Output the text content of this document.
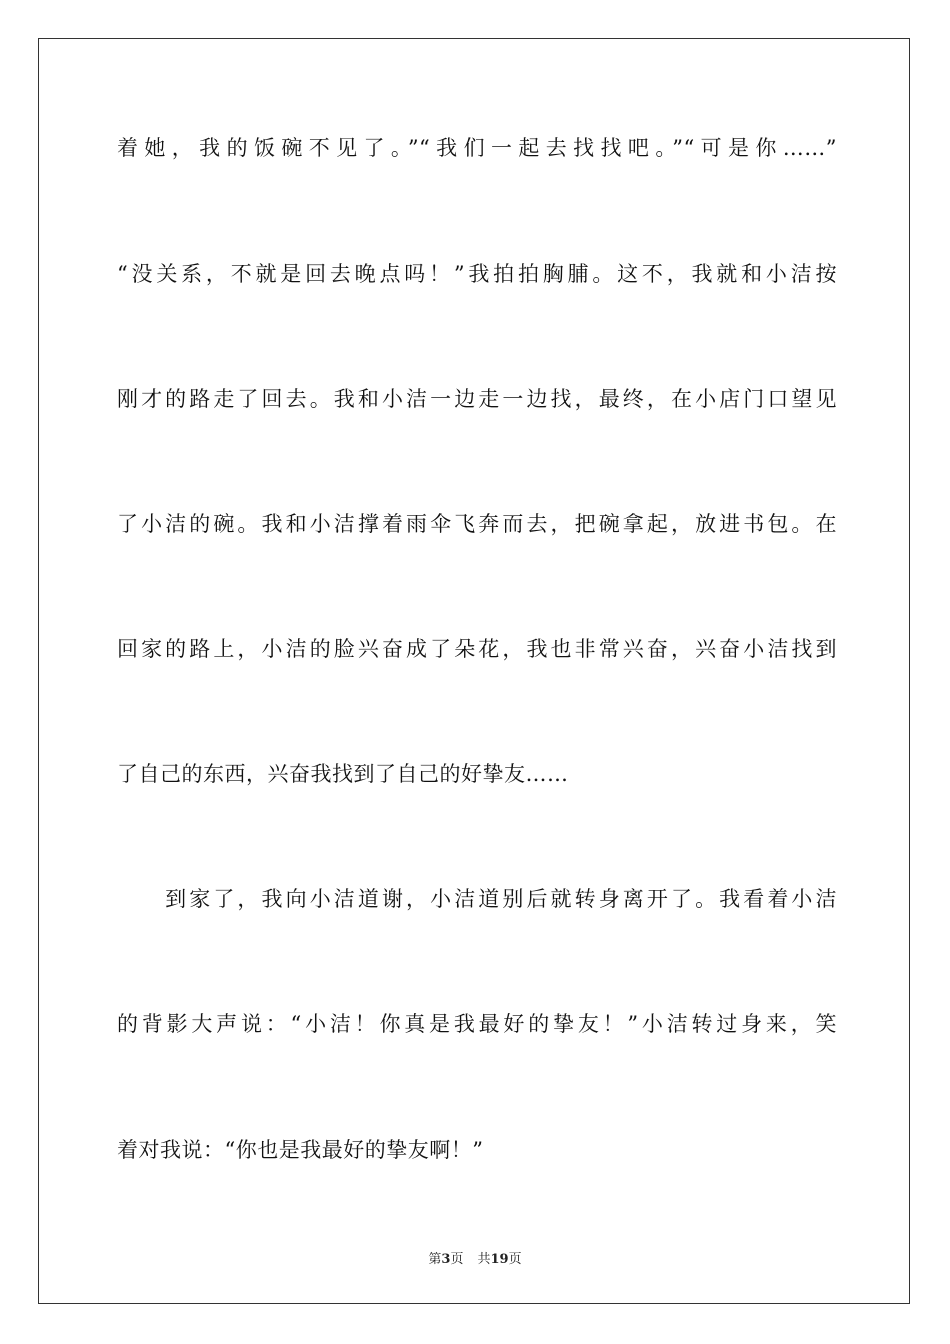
着她，我的饭碗不见了。”“我们一起去找找吧。”“可是你……”
“没关系，不就是回去晚点吗！”我拍拍胸脯。这不，我就和小洁按
刚才的路走了回去。我和小洁一边走一边找，最终，在小店门口望见
了小洁的碗。我和小洁撑着雨伞飞奔而去，把碗拿起，放进书包。在
回家的路上，小洁的脸兴奋成了朵花，我也非常兴奋，兴奋小洁找到
了自己的东西，兴奋我找到了自己的好挚友……
　　到家了，我向小洁道谢，小洁道别后就转身离开了。我看着小洁
的背影大声说：“小洁！你真是我最好的挚友！”小洁转过身来，笑
着对我说：“你也是我最好的挚友啊！”
第3页 共19页
